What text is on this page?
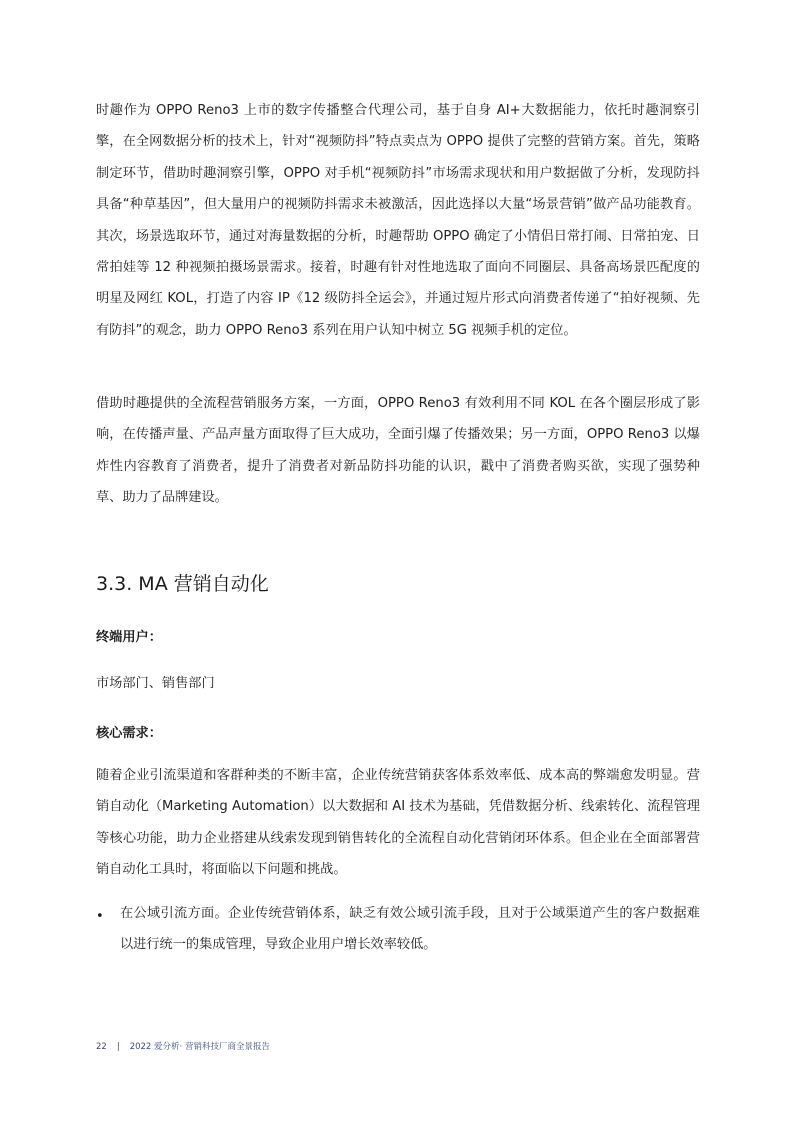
时趣作为 OPPO Reno3 上市的数字传播整合代理公司，基于自身 AI+大数据能力，依托时趣洞察引擎，在全网数据分析的技术上，针对“视频防抖”特点卖点为 OPPO 提供了完整的营销方案。首先，策略制定环节，借助时趣洞察引擎，OPPO 对手机“视频防抖”市场需求现状和用户数据做了分析，发现防抖具备“种草基因”，但大量用户的视频防抖需求未被激活，因此选择以大量“场景营销”做产品功能教育。其次，场景选取环节，通过对海量数据的分析，时趣帮助 OPPO 确定了小情侣日常打闹、日常拍宠、日常拍娃等 12 种视频拍摄场景需求。接着，时趣有针对性地选取了面向不同圈层、具备高场景匹配度的明星及网红 KOL，打造了内容 IP《12 级防抖全运会》，并通过短片形式向消费者传递了“拍好视频、先有防抖”的观念，助力 OPPO Reno3 系列在用户认知中树立 5G 视频手机的定位。

借助时趣提供的全流程营销服务方案，一方面，OPPO Reno3 有效利用不同 KOL 在各个圈层形成了影响，在传播声量、产品声量方面取得了巨大成功，全面引爆了传播效果；另一方面，OPPO Reno3 以爆炸性内容教育了消费者，提升了消费者对新品防抖功能的认识，戳中了消费者购买欲，实现了强势种草、助力了品牌建设。

3.3. MA 营销自动化

终端用户：

市场部门、销售部门

核心需求：

随着企业引流渠道和客群种类的不断丰富，企业传统营销获客体系效率低、成本高的弊端愈发明显。营销自动化（Marketing Automation）以大数据和 AI 技术为基础，凭借数据分析、线索转化、流程管理等核心功能，助力企业搭建从线索发现到销售转化的全流程自动化营销闭环体系。但企业在全面部署营销自动化工具时，将面临以下问题和挑战。

• 在公域引流方面。企业传统营销体系，缺乏有效公域引流手段，且对于公域渠道产生的客户数据难以进行统一的集成管理，导致企业用户增长效率较低。

22 | 2022 爱分析· 营销科技厂商全景报告
